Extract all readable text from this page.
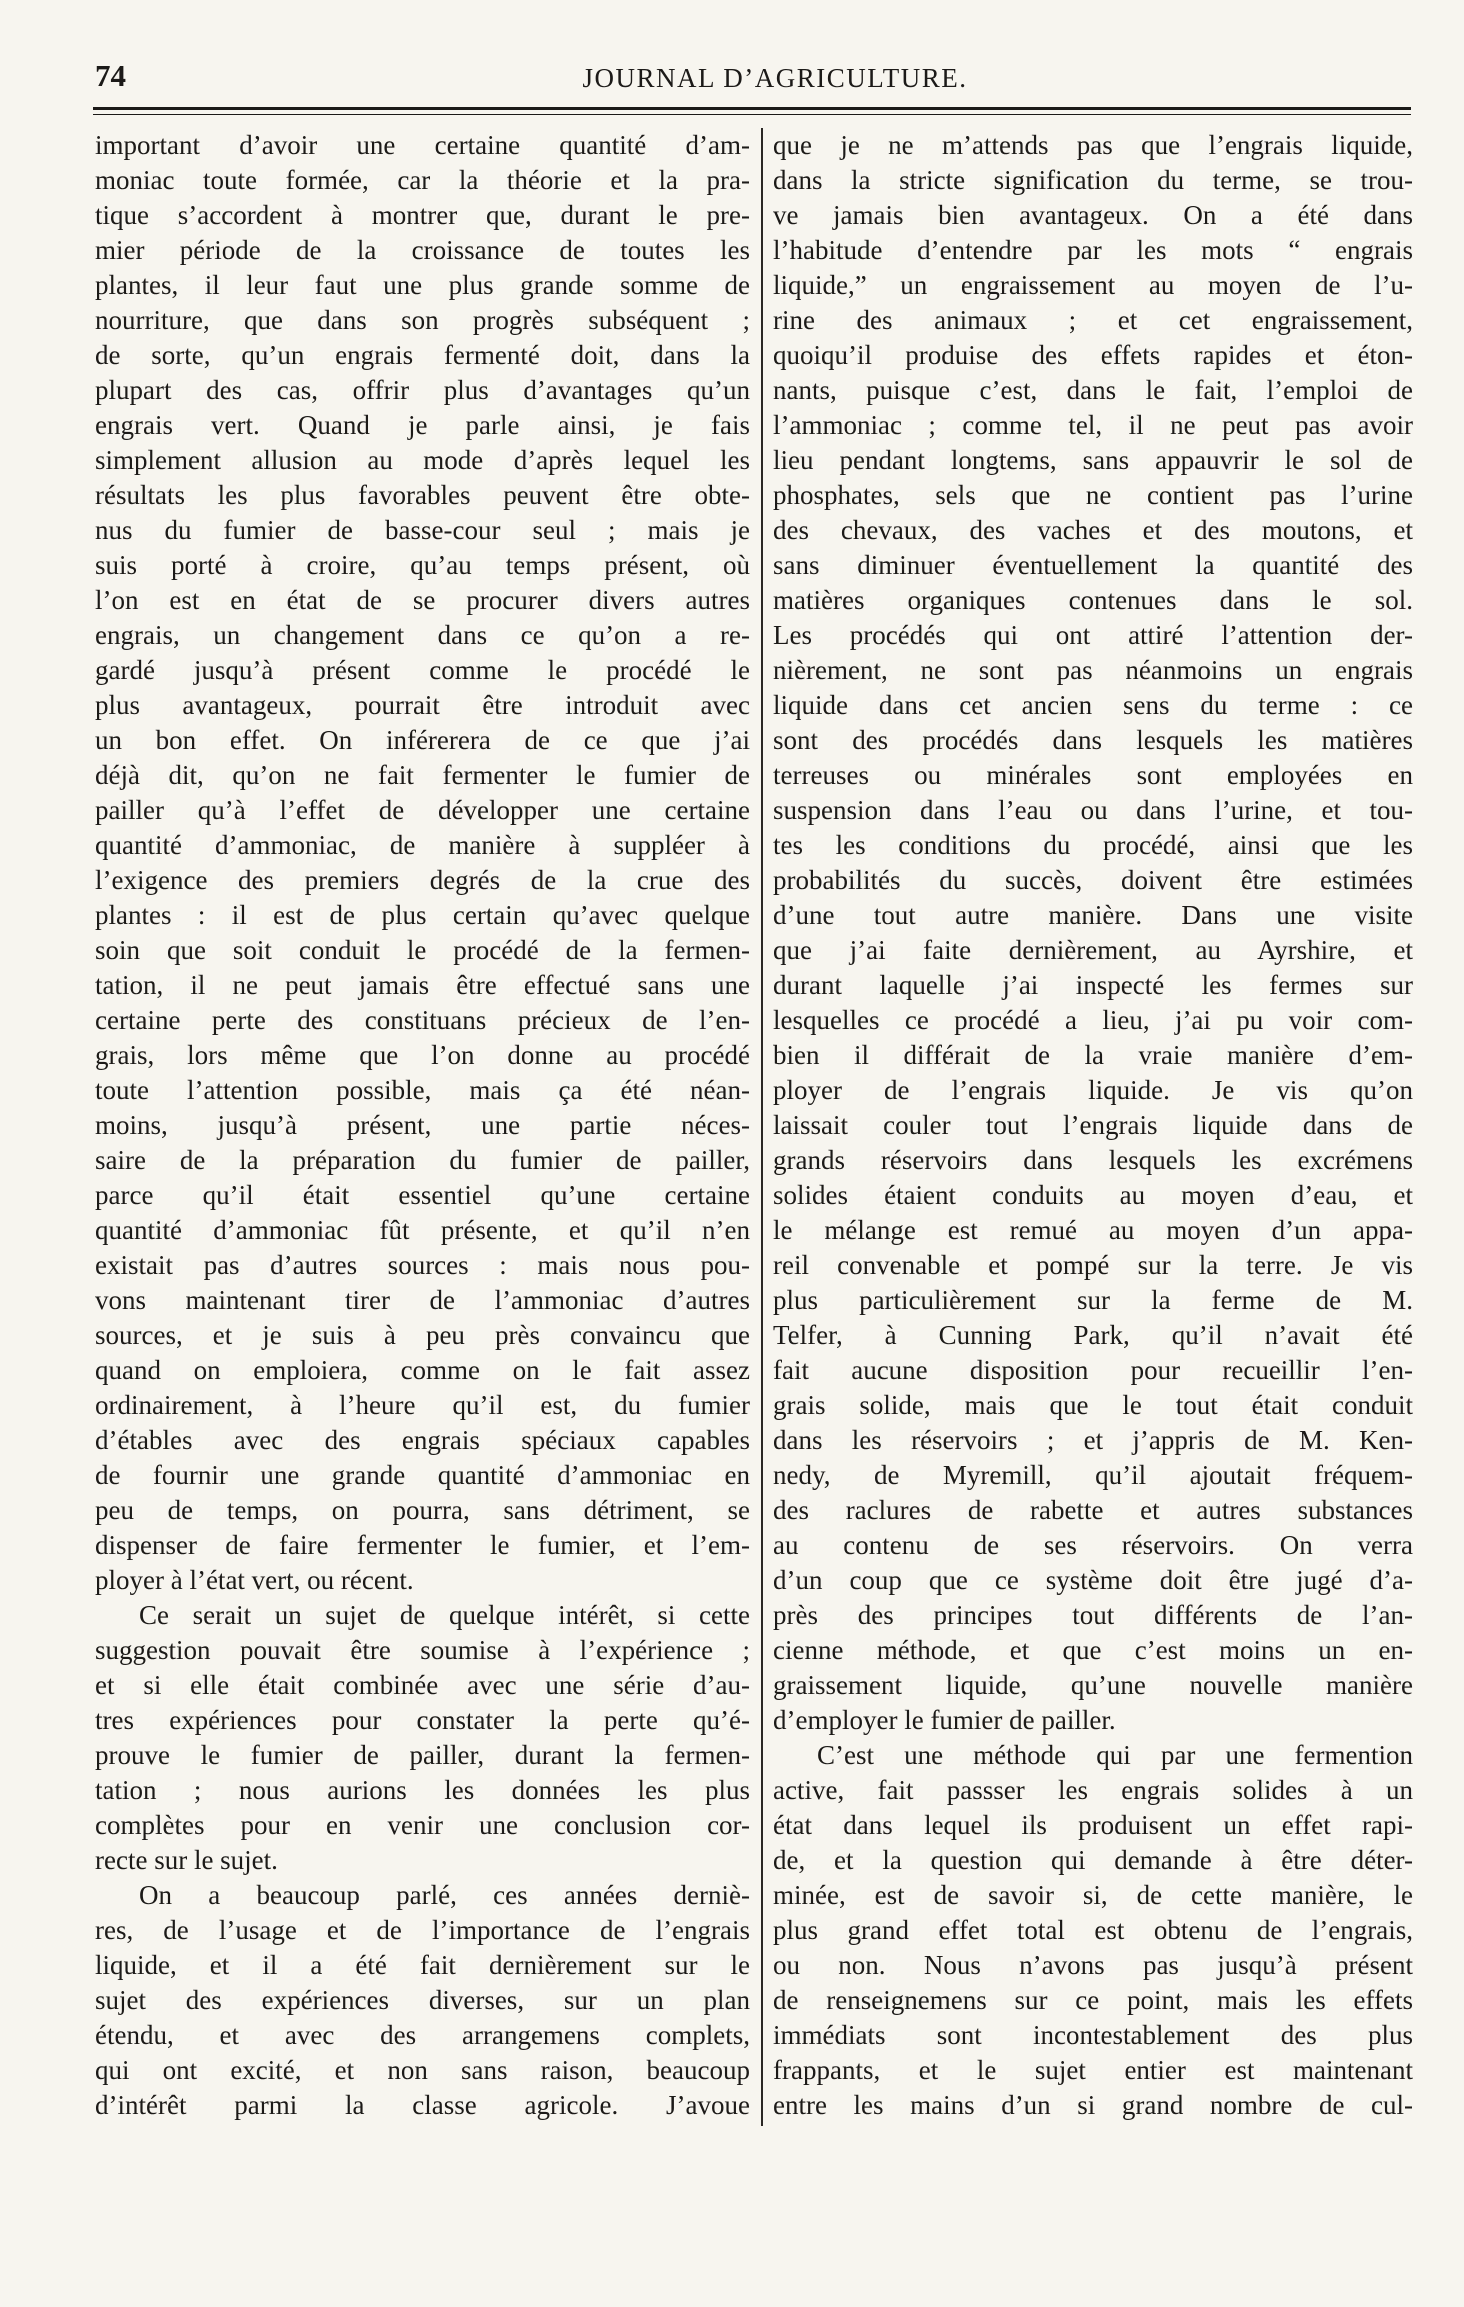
74	JOURNAL D’AGRICULTURE.
important d’avoir une certaine quantité d’am-
moniac toute formée, car la théorie et la pra-
tique s’accordent à montrer que, durant le pre-
mier période de la croissance de toutes les
plantes, il leur faut une plus grande somme de
nourriture, que dans son progrès subséquent ;
de sorte, qu’un engrais fermenté doit, dans la
plupart des cas, offrir plus d’avantages qu’un
engrais vert. Quand je parle ainsi, je fais
simplement allusion au mode d’après lequel les
résultats les plus favorables peuvent être obte-
nus du fumier de basse-cour seul ; mais je
suis porté à croire, qu’au temps présent, où
l’on est en état de se procurer divers autres
engrais, un changement dans ce qu’on a re-
gardé jusqu’à présent comme le procédé le
plus avantageux, pourrait être introduit avec
un bon effet. On inférerera de ce que j’ai
déjà dit, qu’on ne fait fermenter le fumier de
pailler qu’à l’effet de développer une certaine
quantité d’ammoniac, de manière à suppléer à
l’exigence des premiers degrés de la crue des
plantes : il est de plus certain qu’avec quelque
soin que soit conduit le procédé de la fermen-
tation, il ne peut jamais être effectué sans une
certaine perte des constituans précieux de l’en-
grais, lors même que l’on donne au procédé
toute l’attention possible, mais ça été néan-
moins, jusqu’à présent, une partie néces-
saire de la préparation du fumier de pailler,
parce qu’il était essentiel qu’une certaine
quantité d’ammoniac fût présente, et qu’il n’en
existait pas d’autres sources : mais nous pou-
vons maintenant tirer de l’ammoniac d’autres
sources, et je suis à peu près convaincu que
quand on emploiera, comme on le fait assez
ordinairement, à l’heure qu’il est, du fumier
d’étables avec des engrais spéciaux capables
de fournir une grande quantité d’ammoniac en
peu de temps, on pourra, sans détriment, se
dispenser de faire fermenter le fumier, et l’em-
ployer à l’état vert, ou récent.
Ce serait un sujet de quelque intérêt, si cette
suggestion pouvait être soumise à l’expérience ;
et si elle était combinée avec une série d’au-
tres expériences pour constater la perte qu’é-
prouve le fumier de pailler, durant la fermen-
tation ; nous aurions les données les plus
complètes pour en venir une conclusion cor-
recte sur le sujet.
On a beaucoup parlé, ces années derniè-
res, de l’usage et de l’importance de l’engrais
liquide, et il a été fait dernièrement sur le
sujet des expériences diverses, sur un plan
étendu, et avec des arrangemens complets,
qui ont excité, et non sans raison, beaucoup
d’intérêt parmi la classe agricole. J’avoue
que je ne m’attends pas que l’engrais liquide,
dans la stricte signification du terme, se trou-
ve jamais bien avantageux. On a été dans
l’habitude d’entendre par les mots “ engrais
liquide,” un engraissement au moyen de l’u-
rine des animaux ; et cet engraissement,
quoiqu’il produise des effets rapides et éton-
nants, puisque c’est, dans le fait, l’emploi de
l’ammoniac ; comme tel, il ne peut pas avoir
lieu pendant longtems, sans appauvrir le sol de
phosphates, sels que ne contient pas l’urine
des chevaux, des vaches et des moutons, et
sans diminuer éventuellement la quantité des
matières organiques contenues dans le sol.
Les procédés qui ont attiré l’attention der-
nièrement, ne sont pas néanmoins un engrais
liquide dans cet ancien sens du terme : ce
sont des procédés dans lesquels les matières
terreuses ou minérales sont employées en
suspension dans l’eau ou dans l’urine, et tou-
tes les conditions du procédé, ainsi que les
probabilités du succès, doivent être estimées
d’une tout autre manière. Dans une visite
que j’ai faite dernièrement, au Ayrshire, et
durant laquelle j’ai inspecté les fermes sur
lesquelles ce procédé a lieu, j’ai pu voir com-
bien il différait de la vraie manière d’em-
ployer de l’engrais liquide. Je vis qu’on
laissait couler tout l’engrais liquide dans de
grands réservoirs dans lesquels les excrémens
solides étaient conduits au moyen d’eau, et
le mélange est remué au moyen d’un appa-
reil convenable et pompé sur la terre. Je vis
plus particulièrement sur la ferme de M.
Telfer, à Cunning Park, qu’il n’avait été
fait aucune disposition pour recueillir l’en-
grais solide, mais que le tout était conduit
dans les réservoirs ; et j’appris de M. Ken-
nedy, de Myremill, qu’il ajoutait fréquem-
des raclures de rabette et autres substances
au contenu de ses réservoirs. On verra
d’un coup que ce système doit être jugé d’a-
près des principes tout différents de l’an-
cienne méthode, et que c’est moins un en-
graissement liquide, qu’une nouvelle manière
d’employer le fumier de pailler.
C’est une méthode qui par une fermention
active, fait passser les engrais solides à un
état dans lequel ils produisent un effet rapi-
de, et la question qui demande à être déter-
minée, est de savoir si, de cette manière, le
plus grand effet total est obtenu de l’engrais,
ou non. Nous n’avons pas jusqu’à présent
de renseignemens sur ce point, mais les effets
immédiats sont incontestablement des plus
frappants, et le sujet entier est maintenant
entre les mains d’un si grand nombre de cul-
